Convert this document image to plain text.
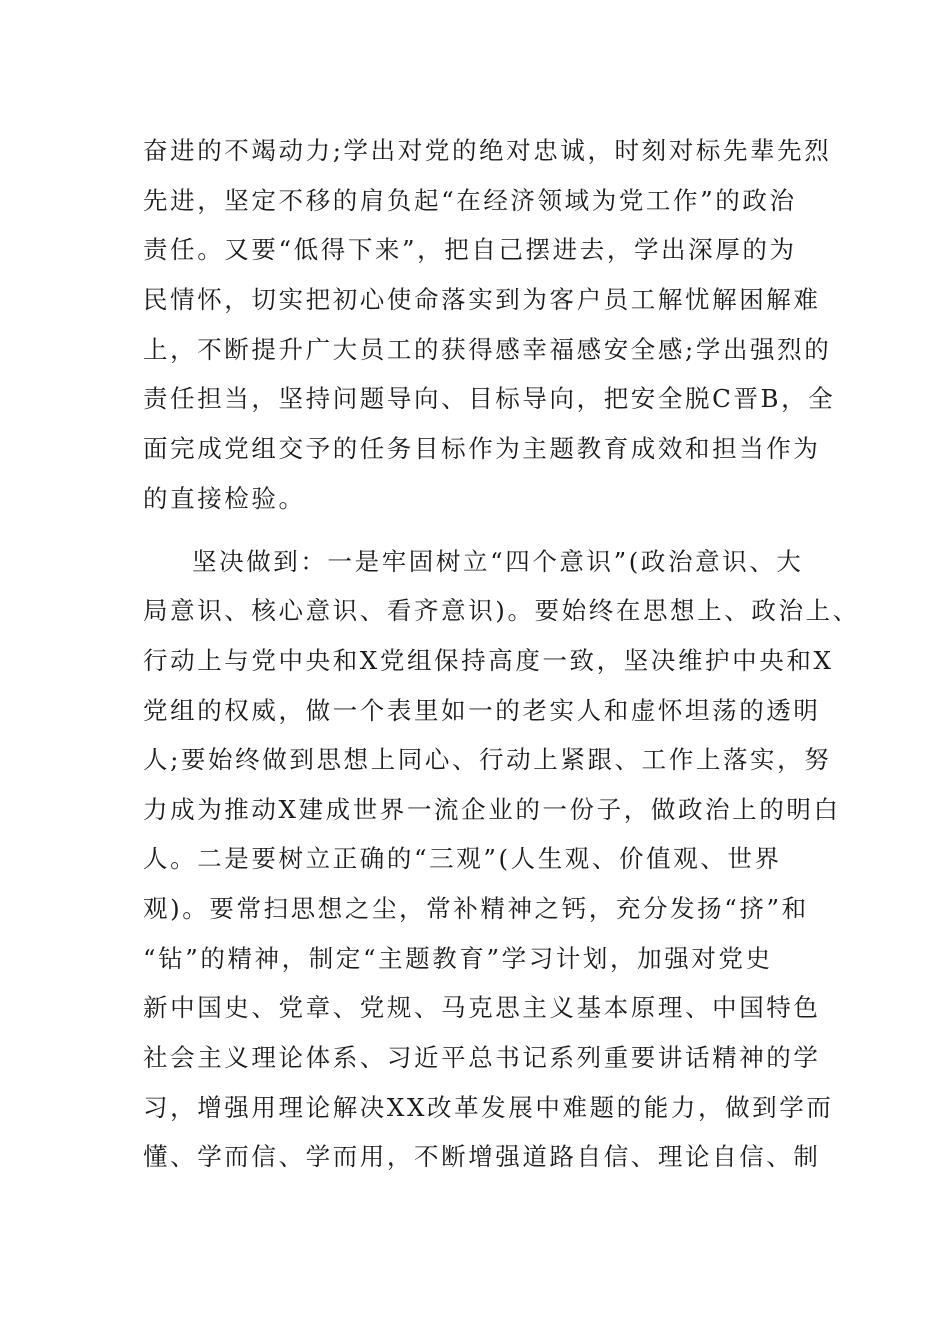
奋进的不竭动力;学出对党的绝对忠诚，时刻对标先辈先烈
先进，坚定不移的肩负起“在经济领域为党工作”的政治
责任。又要“低得下来”，把自己摆进去，学出深厚的为
民情怀，切实把初心使命落实到为客户员工解忧解困解难
上，不断提升广大员工的获得感幸福感安全感;学出强烈的
责任担当，坚持问题导向、目标导向，把安全脱C晋B，全
面完成党组交予的任务目标作为主题教育成效和担当作为
的直接检验。
坚决做到：一是牢固树立“四个意识”(政治意识、大
局意识、核心意识、看齐意识)。要始终在思想上、政治上、
行动上与党中央和X党组保持高度一致，坚决维护中央和X
党组的权威，做一个表里如一的老实人和虚怀坦荡的透明
人;要始终做到思想上同心、行动上紧跟、工作上落实，努
力成为推动X建成世界一流企业的一份子，做政治上的明白
人。二是要树立正确的“三观”(人生观、价值观、世界
观)。要常扫思想之尘，常补精神之钙，充分发扬“挤”和
“钻”的精神，制定“主题教育”学习计划，加强对党史
新中国史、党章、党规、马克思主义基本原理、中国特色
社会主义理论体系、习近平总书记系列重要讲话精神的学
习，增强用理论解决XX改革发展中难题的能力，做到学而
懂、学而信、学而用，不断增强道路自信、理论自信、制
